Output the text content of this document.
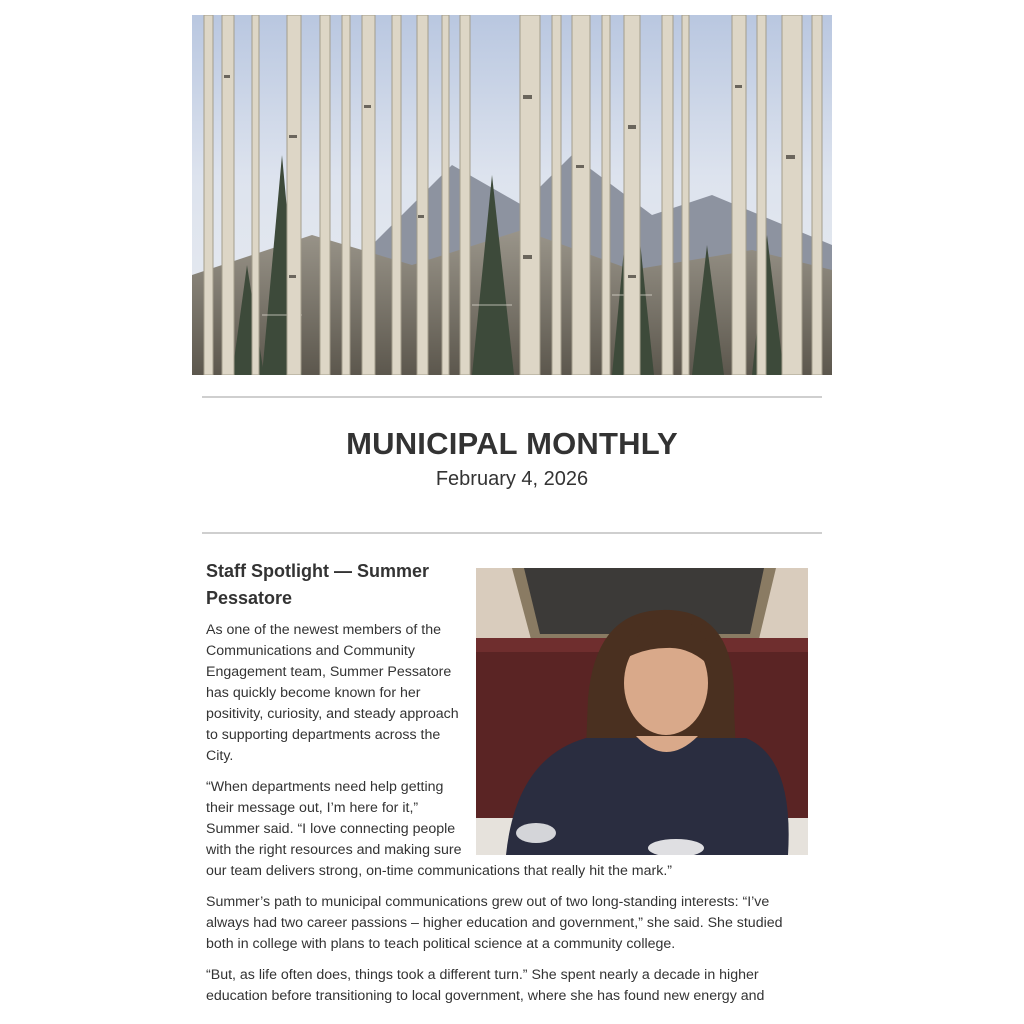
MUNICIPAL MONTHLY
February 4, 2026
Staff Spotlight — Summer Pessatore

As one of the newest members of the Communications and Community Engagement team, Summer Pessatore has quickly become known for her positivity, curiosity, and steady approach to supporting departments across the City.

“When departments need help getting their message out, I’m here for it,” Summer said. “I love connecting people with the right resources and making sure our team delivers strong, on-time communications that really hit the mark.”

Summer’s path to municipal communications grew out of two long-standing interests: “I’ve always had two career passions – higher education and government,” she said. She studied both in college with plans to teach political science at a community college.

“But, as life often does, things took a different turn.” She spent nearly a decade in higher education before transitioning to local government, where she has found new energy and
